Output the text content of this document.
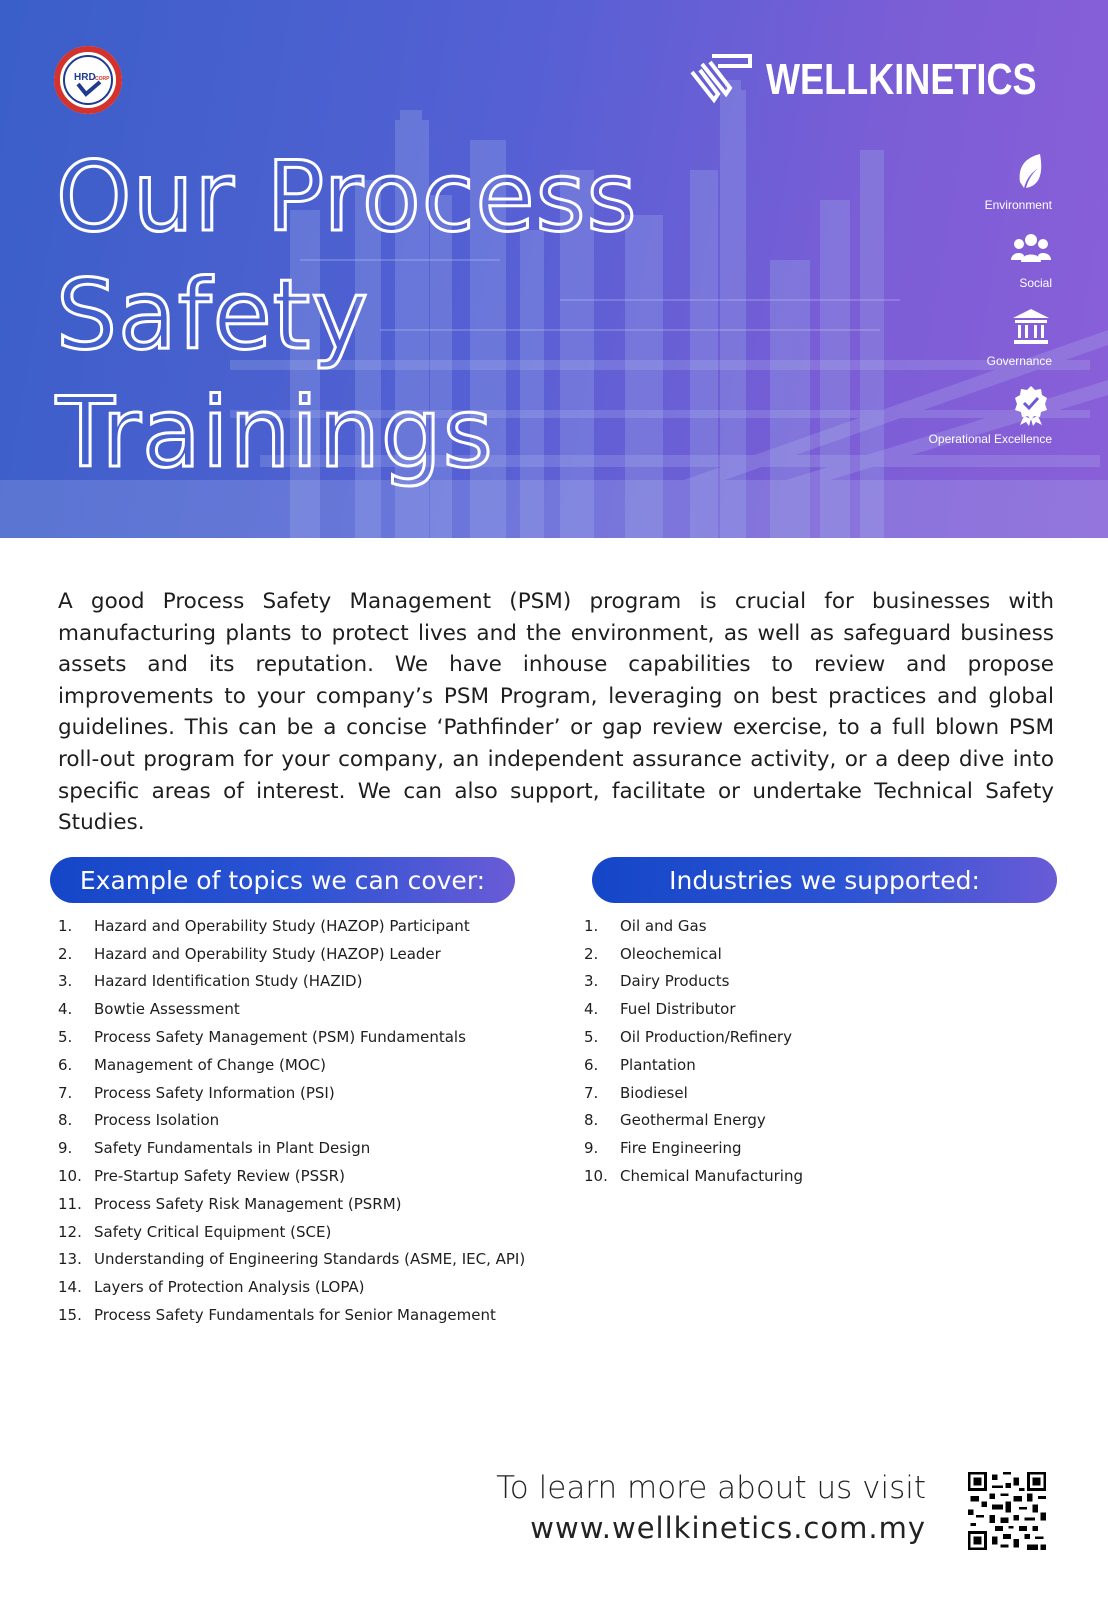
HRD CORP	WELLKINETICS
Our Process
Safety
Trainings
Environment
Social
Governance
Operational Excellence

A good Process Safety Management (PSM) program is crucial for businesses with manufacturing plants to protect lives and the environment, as well as safeguard business assets and its reputation. We have inhouse capabilities to review and propose improvements to your company’s PSM Program, leveraging on best practices and global guidelines. This can be a concise ‘Pathfinder’ or gap review exercise, to a full blown PSM roll-out program for your company, an independent assurance activity, or a deep dive into specific areas of interest. We can also support, facilitate or undertake Technical Safety Studies.

Example of topics we can cover:	Industries we supported:
1.	Hazard and Operability Study (HAZOP) Participant
2.	Hazard and Operability Study (HAZOP) Leader
3.	Hazard Identification Study (HAZID)
4.	Bowtie Assessment
5.	Process Safety Management (PSM) Fundamentals
6.	Management of Change (MOC)
7.	Process Safety Information (PSI)
8.	Process Isolation
9.	Safety Fundamentals in Plant Design
10. Pre-Startup Safety Review (PSSR)
11. Process Safety Risk Management (PSRM)
12. Safety Critical Equipment (SCE)
13. Understanding of Engineering Standards (ASME, IEC, API)
14. Layers of Protection Analysis (LOPA)
15. Process Safety Fundamentals for Senior Management
1.	Oil and Gas
2.	Oleochemical
3.	Dairy Products
4.	Fuel Distributor
5.	Oil Production/Refinery
6.	Plantation
7.	Biodiesel
8.	Geothermal Energy
9.	Fire Engineering
10. Chemical Manufacturing
To learn more about us visit
www.wellkinetics.com.my
